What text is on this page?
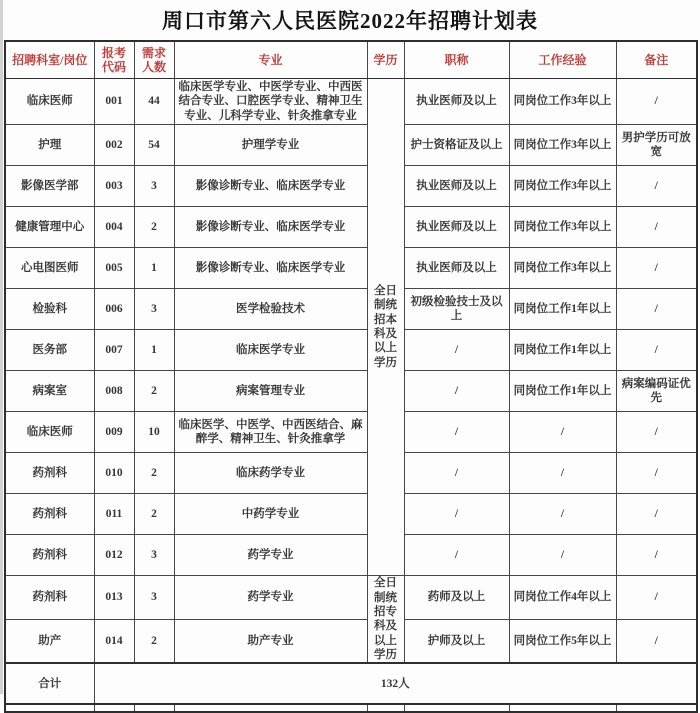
周口市第六人民医院2022年招聘计划表
招聘科室/岗位	报考代码	需求人数	专业	学历	职称	工作经验	备注
临床医师	001	44	临床医学专业、中医学专业、中西医结合专业、口腔医学专业、精神卫生专业、儿科学专业、针灸推拿专业	全日制统招本科及以上学历	执业医师及以上	同岗位工作3年以上	/
护理	002	54	护理学专业		护士资格证及以上	同岗位工作3年以上	男护学历可放宽
影像医学部	003	3	影像诊断专业、临床医学专业		执业医师及以上	同岗位工作3年以上	/
健康管理中心	004	2	影像诊断专业、临床医学专业		执业医师及以上	同岗位工作3年以上	/
心电图医师	005	1	影像诊断专业、临床医学专业		执业医师及以上	同岗位工作3年以上	/
检验科	006	3	医学检验技术		初级检验技士及以上	同岗位工作1年以上	/
医务部	007	1	临床医学专业		/	同岗位工作1年以上	/
病案室	008	2	病案管理专业		/	同岗位工作1年以上	病案编码证优先
临床医师	009	10	临床医学、中医学、中西医结合、麻醉学、精神卫生、针灸推拿学		/	/	/
药剂科	010	2	临床药学专业		/	/	/
药剂科	011	2	中药学专业		/	/	/
药剂科	012	3	药学专业		/	/	/
药剂科	013	3	药学专业	全日制统招专科及以上学历	药师及以上	同岗位工作4年以上	/
助产	014	2	助产专业		护师及以上	同岗位工作5年以上	/
合计	132人						
